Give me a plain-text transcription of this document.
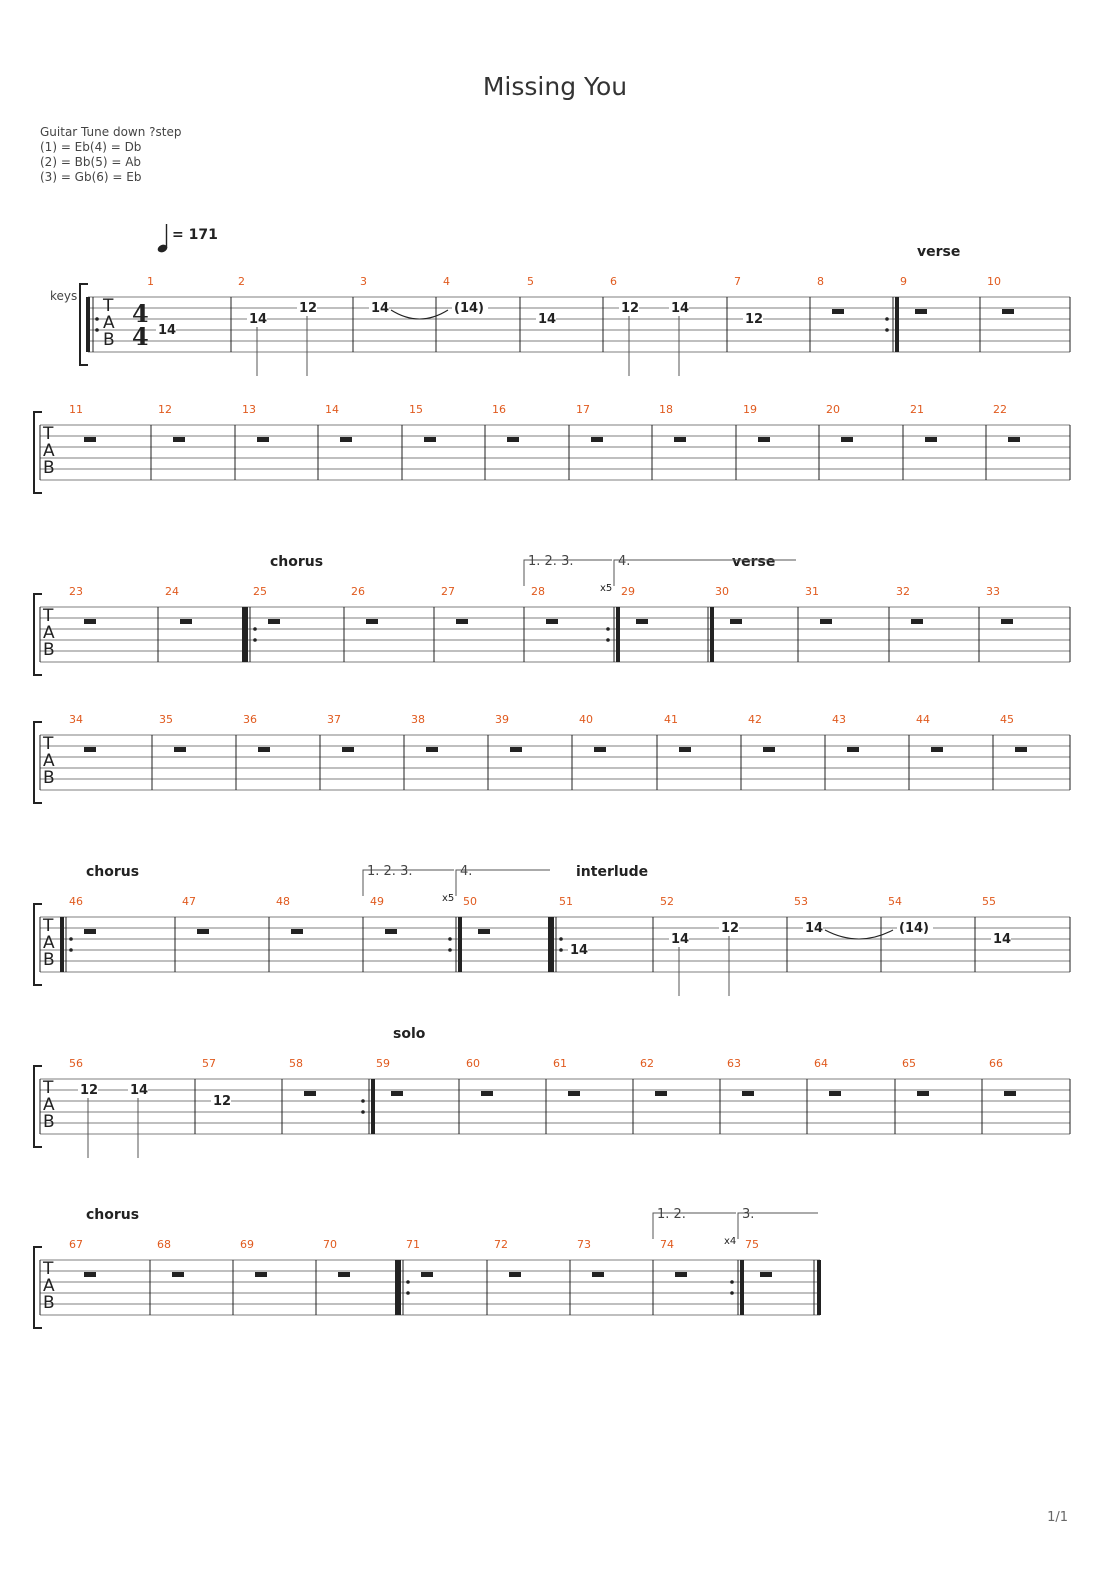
Missing You
Guitar Tune down ?step
(1) = Eb(4) = Db
(2) = Bb(5) = Ab
(3) = Gb(6) = Eb
= 171
keys T
A
B
4
4
1
14
2
14
12
3
14
4
(14)
5
14
6
12 14
7
12
8	9	10
verse
T
A
B
11	12	13	14	15	16	17	18	19	20	21	22
T
A
B
23	24	25	26	27	28	x5 29	30	31	32	33
chorus	verse
1. 2. 3.	4.
T
A
B
34	35	36	37	38	39	40	41	42	43	44	45
T
A
B
46	47	48	49	x5 50	51
14
52
14
12
53
14
54
(14)
55
14
chorus	interlude
1. 2. 3.	4.
T
A
B
56
12 14
57
12
58	59	60	61	62	63	64	65	66
solo
T
A
B
67	68	69	70	71	72	73	74	x4 75
chorus	1. 2.	3.
1/1
